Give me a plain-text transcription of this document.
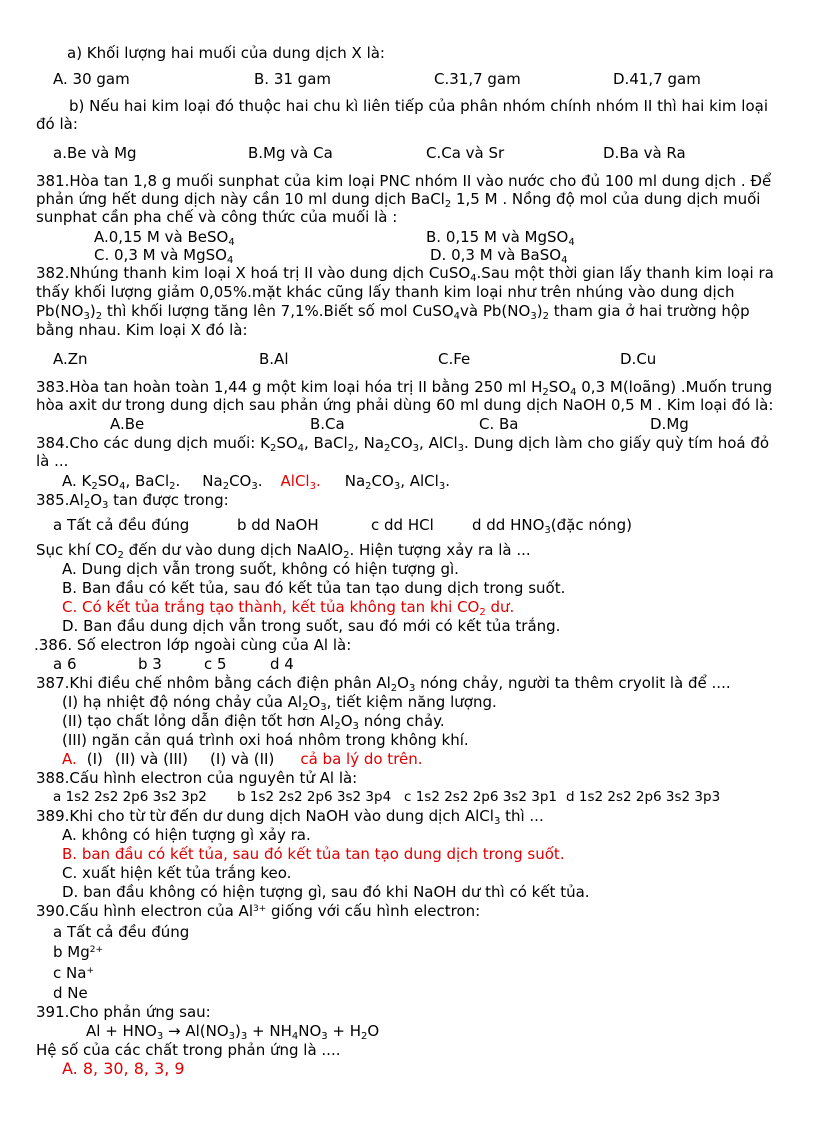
a) Khối lượng hai muối của dung dịch X là:
A. 30 gam	B. 31 gam	C.31,7 gam	D.41,7 gam
b) Nếu hai kim loại đó thuộc hai chu kì liên tiếp của phân nhóm chính nhóm II thì hai kim loại
đó là:
a.Be và Mg	B.Mg và Ca	C.Ca và Sr	D.Ba và Ra
381.Hòa tan 1,8 g muối sunphat của kim loại PNC nhóm II vào nước cho đủ 100 ml dung dịch . Để
phản ứng hết dung dịch này cần 10 ml dung dịch BaCl$_2$ 1,5 M . Nồng độ mol của dung dịch muối
sunphat cần pha chế và công thức của muối là :
A.0,15 M và BeSO$_4$	B. 0,15 M và MgSO$_4$
C. 0,3 M và MgSO$_4$	D. 0,3 M và BaSO$_4$
382.Nhúng thanh kim loại X hoá trị II vào dung dịch CuSO$_4$.Sau một thời gian lấy thanh kim loại ra
thấy khối lượng giảm 0,05%.mặt khác cũng lấy thanh kim loại như trên nhúng vào dung dịch
$Pb(NO_3)_2$ thì khối lượng tăng lên 7,1%.Biết số mol CuSO$_4$và $Pb(NO_3)_2$ tham gia ở hai trường hộp
bằng nhau. Kim loại X đó là:
A.Zn	B.Al	C.Fe	D.Cu
383.Hòa tan hoàn toàn 1,44 g một kim loại hóa trị II bằng 250 ml $H_2SO_4$ 0,3 M(loãng) .Muốn trung
hòa axit dư trong dung dịch sau phản ứng phải dùng 60 ml dung dịch NaOH 0,5 M . Kim loại đó là:
A.Be	B.Ca	C. Ba	D.Mg
384.Cho các dung dịch muối: $K_2SO_4$, BaCl$_2$, $Na_2CO_3$, AlCl$_3$. Dung dịch làm cho giấy quỳ tím hoá đỏ
là ...
A. $K_2SO_4$, BaCl$_2$. $Na_2CO_3$. AlCl$_3$. $Na_2CO_3$, AlCl$_3$.
$385.Al_2O_3$ tan được trong:
a Tất cả đều đúng	b dd NaOH	c dd HCl	d dd $HNO_3(đặc$ nóng)
Sục khí $CO_2$ đến dư vào dung dịch NaAlO$_2$. Hiện tượng xảy ra là ...
A. Dung dịch vẫn trong suốt, không có hiện tượng gì.
B. Ban đầu có kết tủa, sau đó kết tủa tan tạo dung dịch trong suốt.
C. Có kết tủa trắng tạo thành, kết tủa không tan khi $CO_2$ dư.
D. Ban đầu dung dịch vẫn trong suốt, sau đó mới có kết tủa trắng.
.386. Số electron lớp ngoài cùng của Al là:
a 6	b 3	c 5	d 4
387.Khi điều chế nhôm bằng cách điện phân $Al_2O_3$ nóng chảy, người ta thêm cryolit là để ....
(I) hạ nhiệt độ nóng chảy của $Al_2O_3$, tiết kiệm năng lượng.
(II) tạo chất lỏng dẫn điện tốt hơn $Al_2O_3$ nóng chảy.
(III) ngăn cản quá trình oxi hoá nhôm trong không khí.
A. (I) (II) và (III) (I) và (II) cả ba lý do trên.
388.Cấu hình electron của nguyên tử Al là:
a 1s2 2s2 2p6 3s2 3p2 b 1s2 2s2 2p6 3s2 3p4 c 1s2 2s2 2p6 3s2 3p1 d 1s2 2s2 2p6 3s2 3p3
389.Khi cho từ từ đến dư dung dịch NaOH vào dung dịch AlCl$_3$ thì ...
A. không có hiện tượng gì xảy ra.
B. ban đầu có kết tủa, sau đó kết tủa tan tạo dung dịch trong suốt.
C. xuất hiện kết tủa trắng keo.
D. ban đầu không có hiện tượng gì, sau đó khi NaOH dư thì có kết tủa.
390.Cấu hình electron của $Al^{3+}$ giống với cấu hình electron:
a Tất cả đều đúng
b $Mg^{2+}$
c Na+
d Ne
391.Cho phản ứng sau:
$Al + HNO_3 \to Al(NO_3)_3 + NH_4NO_3 + H_2O$
Hệ số của các chất trong phản ứng là ....
A. 8, 30, 8, 3, 9
